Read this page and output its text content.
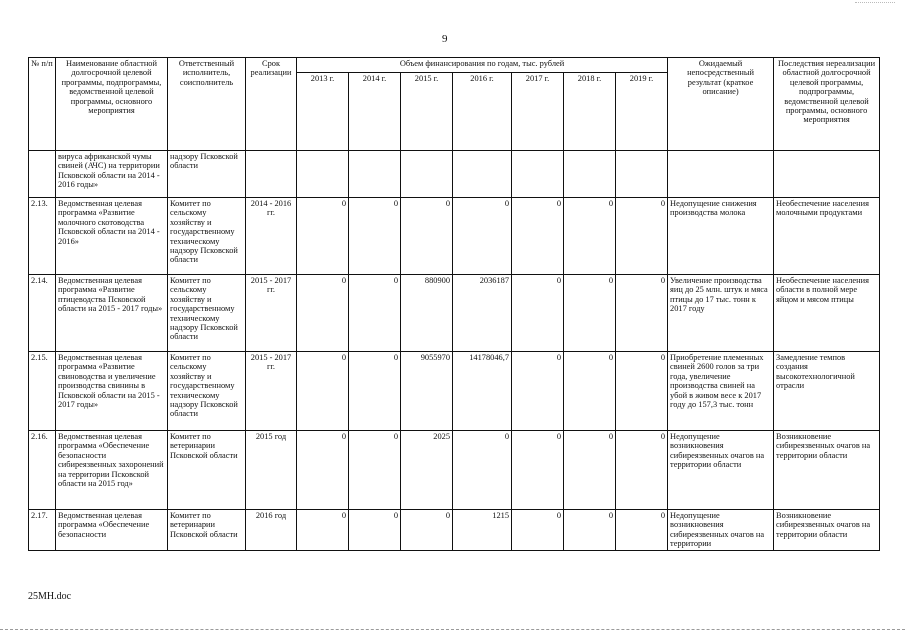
9
№ п/п	Наименование областной долгосрочной целевой программы, подпрограммы, ведомственной целевой программы, основного мероприятия	Ответственный исполнитель, соисполнитель	Срок реализации	Объем финансирования по годам, тыс. рублей							Ожидаемый непосредственный результат (краткое описание)	Последствия нереализации областной долгосрочной целевой программы, подпрограммы, ведомственной целевой программы, основного мероприятия
				2013 г.	2014 г.	2015 г.	2016 г.	2017 г.	2018 г.	2019 г.		
	вируса африканской чумы свиней (АЧС) на территории Псковской области на 2014 - 2016 годы»	надзору Псковской области										
2.13.	Ведомственная целевая программа «Развитие молочного скотоводства Псковской области на 2014 - 2016»	Комитет по сельскому хозяйству и государственному техническому надзору Псковской области	2014 - 2016 гг.	0	0	0	0	0	0	0	Недопущение снижения производства молока	Необеспечение населения молочными продуктами
2.14.	Ведомственная целевая программа «Развитие птицеводства Псковской области на 2015 - 2017 годы»	Комитет по сельскому хозяйству и государственному техническому надзору Псковской области	2015 - 2017 гг.	0	0	880900	2036187	0	0	0	Увеличение производства яиц до 25 млн. штук и мяса птицы до 17 тыс. тонн к 2017 году	Необеспечение населения области в полной мере яйцом и мясом птицы
2.15.	Ведомственная целевая программа «Развитие свиноводства и увеличение производства свинины в Псковской области на 2015 - 2017 годы»	Комитет по сельскому хозяйству и государственному техническому надзору Псковской области	2015 - 2017 гг.	0	0	9055970	14178046,7	0	0	0	Приобретение племенных свиней 2600 голов за три года, увеличение производства свиней на убой в живом весе к 2017 году до 157,3 тыс. тонн	Замедление темпов создания высокотехнологичной отрасли
2.16.	Ведомственная целевая программа «Обеспечение безопасности сибиреязвенных захоронений на территории Псковской области на 2015 год»	Комитет по ветеринарии Псковской области	2015 год	0	0	2025	0	0	0	0	Недопущение возникновения сибиреязвенных очагов на территории области	Возникновение сибиреязвенных очагов на территории области
2.17.	Ведомственная целевая программа «Обеспечение безопасности	Комитет по ветеринарии Псковской области	2016 год	0	0	0	1215	0	0	0	Недопущение возникновения сибиреязвенных очагов на территории	Возникновение сибиреязвенных очагов на территории области
25МН.doc
